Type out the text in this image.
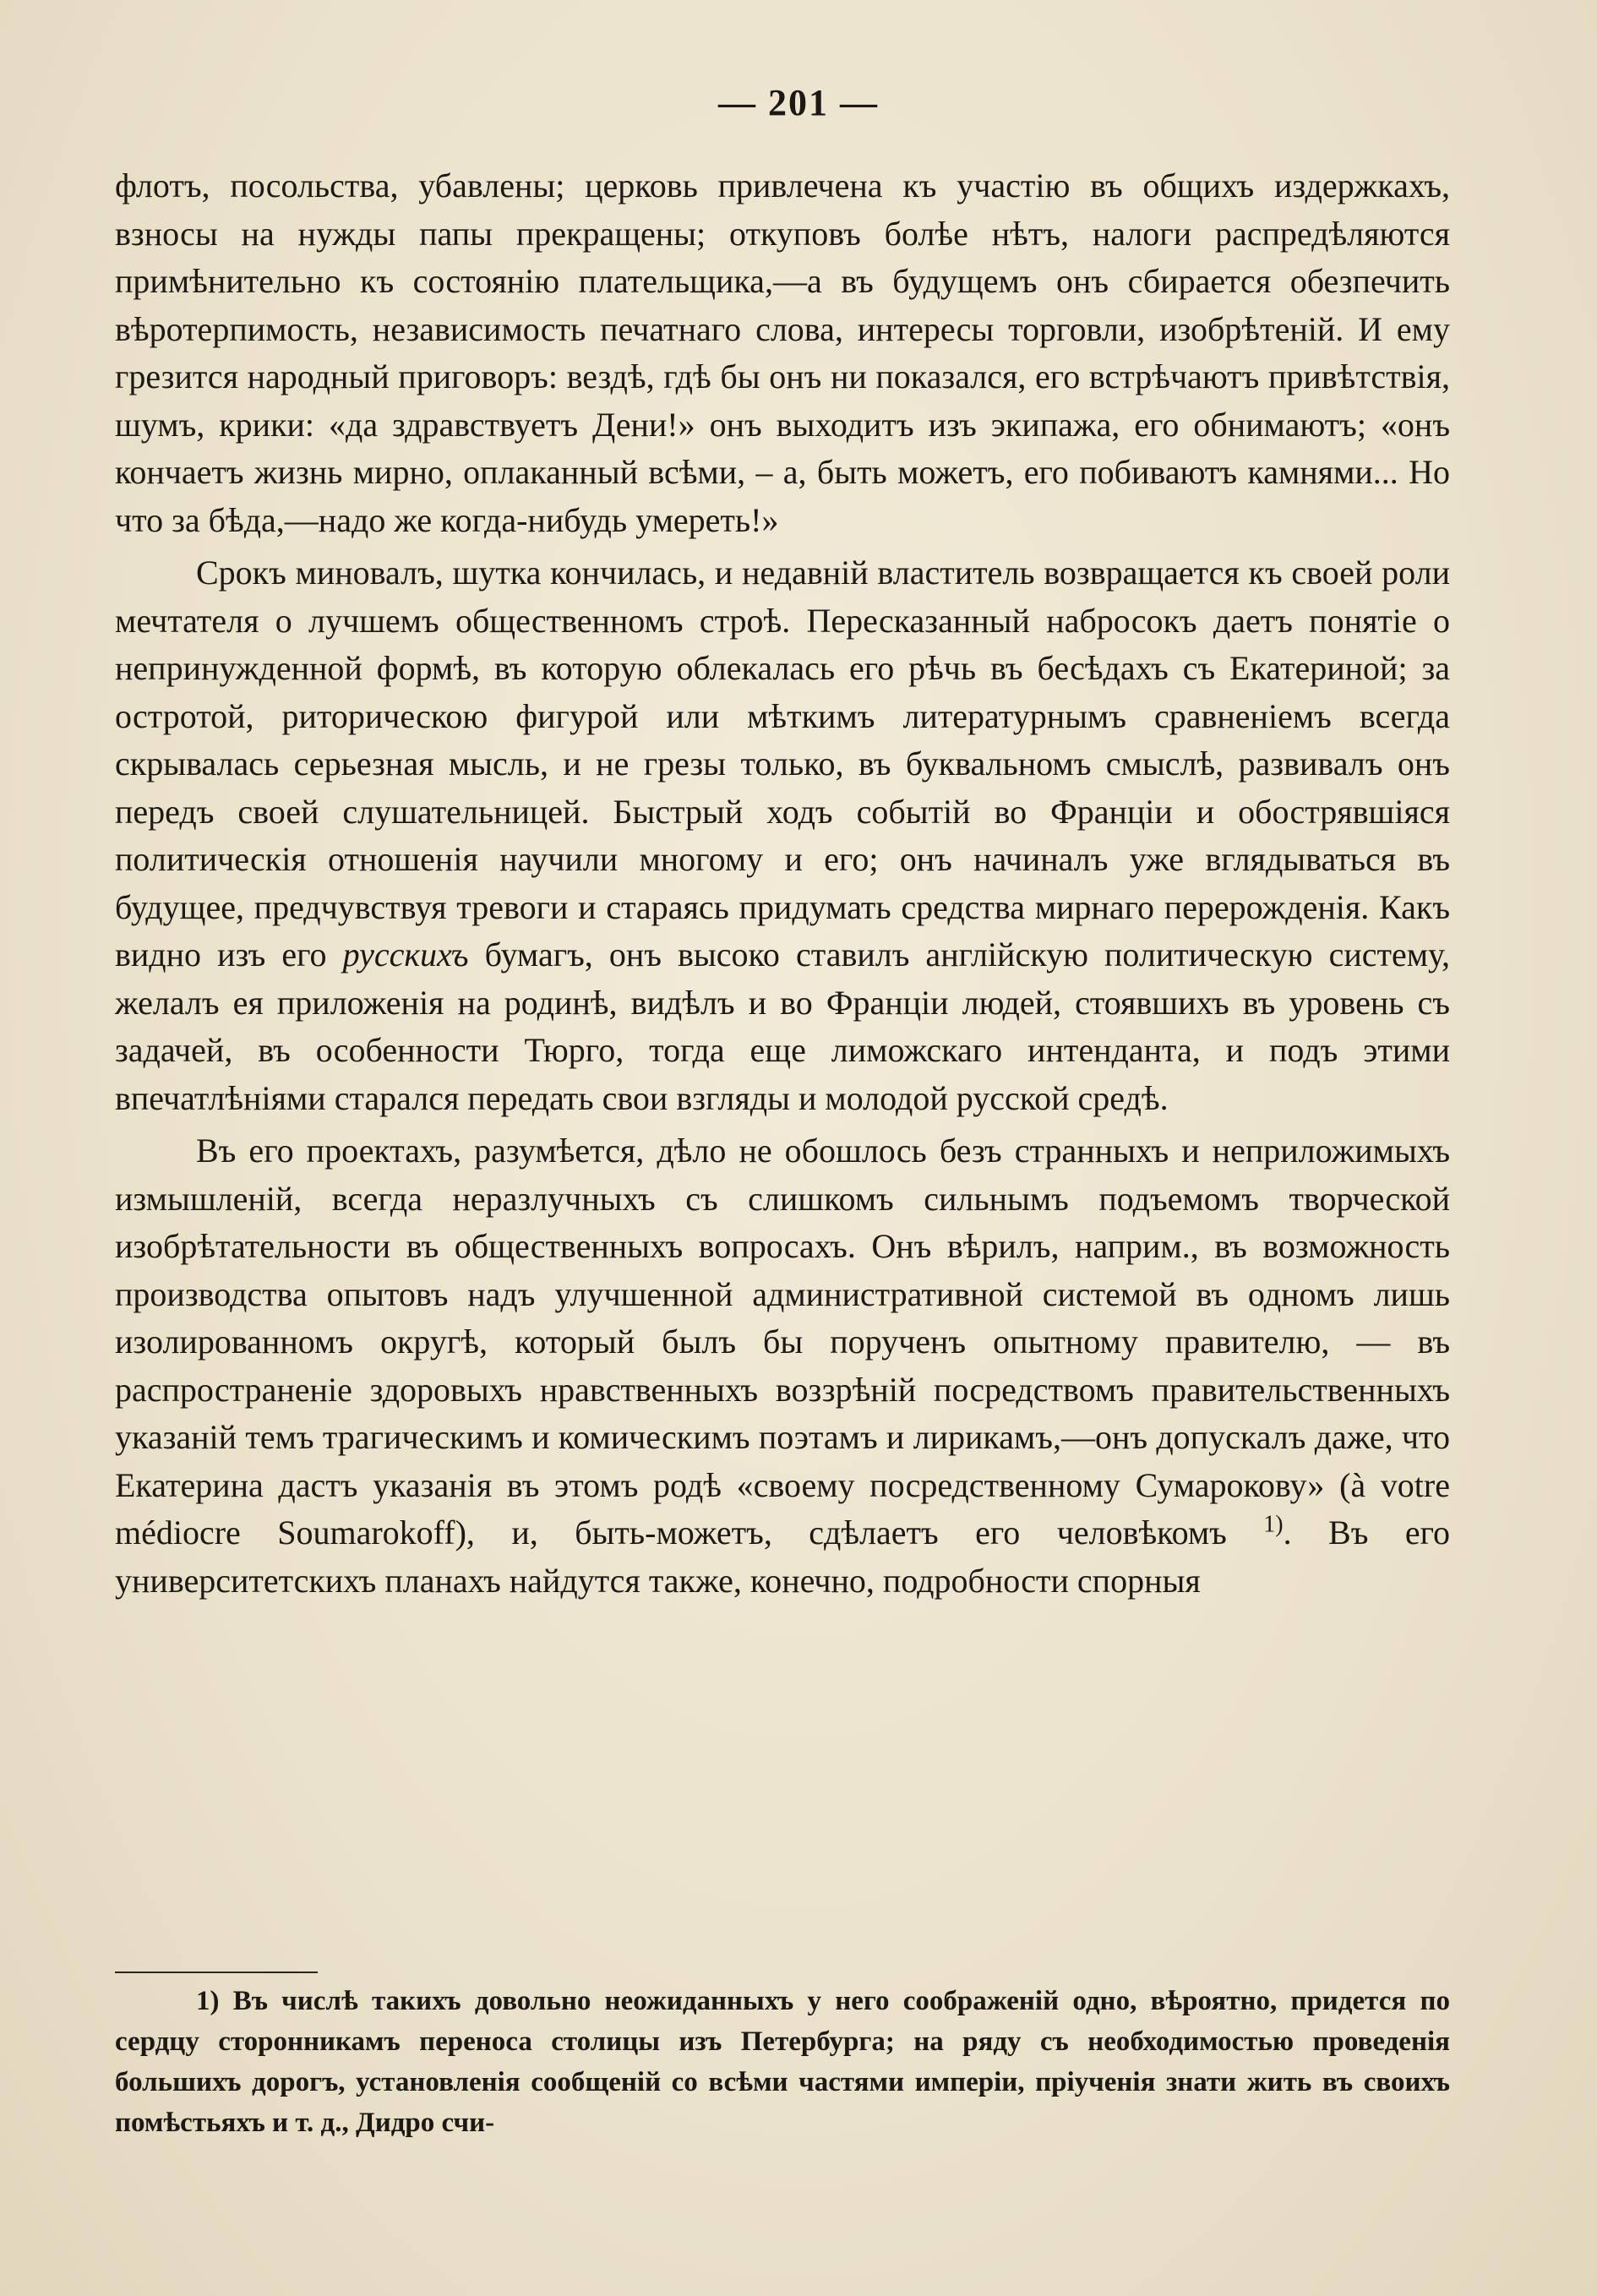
— 201 —

флотъ, посольства, убавлены; церковь привлечена къ участію въ общихъ издержкахъ, взносы на нужды папы прекращены; откуповъ болѣе нѣтъ, налоги распредѣляются примѣнительно къ состоянію плательщика,—а въ будущемъ онъ сбирается обезпечить вѣротерпимость, независимость печатнаго слова, интересы торговли, изобрѣтеній. И ему грезится народный приговоръ: вездѣ, гдѣ бы онъ ни показался, его встрѣчаютъ привѣтствія, шумъ, крики: «да здравствуетъ Дени!» онъ выходитъ изъ экипажа, его обнимаютъ; «онъ кончаетъ жизнь мирно, оплаканный всѣми, – а, быть можетъ, его побиваютъ камнями... Но что за бѣда,—надо же когда-нибудь умереть!»

Срокъ миновалъ, шутка кончилась, и недавній властитель возвращается къ своей роли мечтателя о лучшемъ общественномъ строѣ. Пересказанный набросокъ даетъ понятіе о непринужденной формѣ, въ которую облекалась его рѣчь въ бесѣдахъ съ Екатериной; за остротой, риторическою фигурой или мѣткимъ литературнымъ сравненіемъ всегда скрывалась серьезная мысль, и не грезы только, въ буквальномъ смыслѣ, развивалъ онъ передъ своей слушательницей. Быстрый ходъ событій во Франціи и обострявшіяся политическія отношенія научили многому и его; онъ начиналъ уже вглядываться въ будущее, предчувствуя тревоги и стараясь придумать средства мирнаго перерожденія. Какъ видно изъ его русскихъ бумагъ, онъ высоко ставилъ англійскую политическую систему, желалъ ея приложенія на родинѣ, видѣлъ и во Франціи людей, стоявшихъ въ уровень съ задачей, въ особенности Тюрго, тогда еще лиможскаго интенданта, и подъ этими впечатлѣніями старался передать свои взгляды и молодой русской средѣ.

Въ его проектахъ, разумѣется, дѣло не обошлось безъ странныхъ и неприложимыхъ измышленій, всегда неразлучныхъ съ слишкомъ сильнымъ подъемомъ творческой изобрѣтательности въ общественныхъ вопросахъ. Онъ вѣрилъ, наприм., въ возможность производства опытовъ надъ улучшенной административной системой въ одномъ лишь изолированномъ округѣ, который былъ бы порученъ опытному правителю, — въ распространеніе здоровыхъ нравственныхъ воззрѣній посредствомъ правительственныхъ указаній темъ трагическимъ и комическимъ поэтамъ и лирикамъ,—онъ допускалъ даже, что Екатерина дастъ указанія въ этомъ родѣ «своему посредственному Сумарокову» (à votre médiocre Soumarokoff), и, быть-можетъ, сдѣлаетъ его человѣкомъ $^{1)}$. Въ его университетскихъ планахъ найдутся также, конечно, подробности спорныя

1) Въ числѣ такихъ довольно неожиданныхъ у него соображеній одно, вѣроятно, придется по сердцу сторонникамъ переноса столицы изъ Петербурга; на ряду съ необходимостью проведенія большихъ дорогъ, установленія сообщеній со всѣми частями имперіи, пріученія знати жить въ своихъ помѣстьяхъ и т. д., Дидро счи-
